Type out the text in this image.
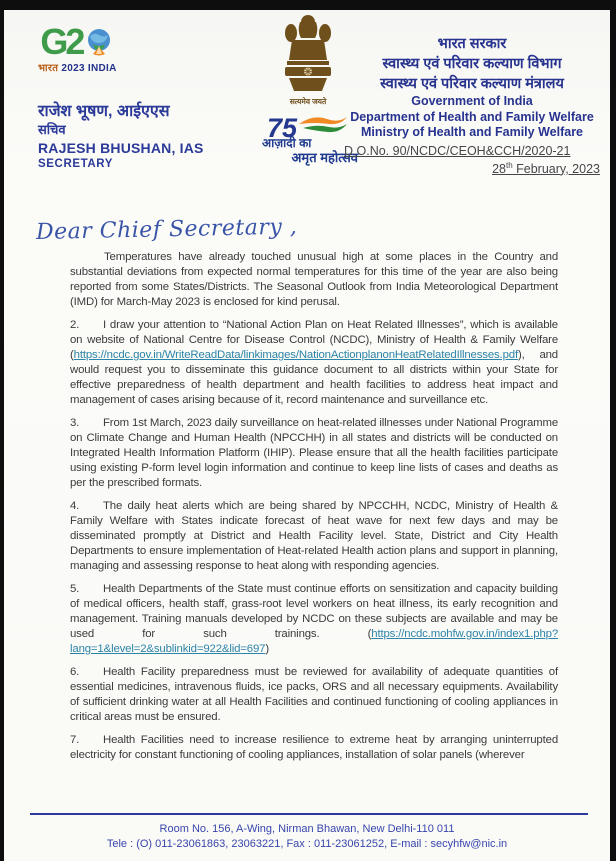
G2
भारत 2023 INDIA
राजेश भूषण, आईएएस
सचिव
RAJESH BHUSHAN, IAS
SECRETARY
सत्यमेव जयते
75
आज़ादी का
अमृत महोत्सव
भारत सरकार
स्वास्थ्य एवं परिवार कल्याण विभाग
स्वास्थ्य एवं परिवार कल्याण मंत्रालय
Government of India
Department of Health and Family Welfare
Ministry of Health and Family Welfare
D.O.No. 90/NCDC/CEOH&CCH/2020-21
28th February, 2023
Dear Chief Secretary ,

Temperatures have already touched unusual high at some places in the Country and substantial deviations from expected normal temperatures for this time of the year are also being reported from some States/Districts. The Seasonal Outlook from India Meteorological Department (IMD) for March-May 2023 is enclosed for kind perusal.

2. I draw your attention to “National Action Plan on Heat Related Illnesses”, which is available on website of National Centre for Disease Control (NCDC), Ministry of Health & Family Welfare (https://ncdc.gov.in/WriteReadData/linkimages/NationActionplanonHeatRelatedIllnesses.pdf), and would request you to disseminate this guidance document to all districts within your State for effective preparedness of health department and health facilities to address heat impact and management of cases arising because of it, record maintenance and surveillance etc.

3. From 1st March, 2023 daily surveillance on heat-related illnesses under National Programme on Climate Change and Human Health (NPCCHH) in all states and districts will be conducted on Integrated Health Information Platform (IHIP). Please ensure that all the health facilities participate using existing P-form level login information and continue to keep line lists of cases and deaths as per the prescribed formats.

4. The daily heat alerts which are being shared by NPCCHH, NCDC, Ministry of Health & Family Welfare with States indicate forecast of heat wave for next few days and may be disseminated promptly at District and Health Facility level. State, District and City Health Departments to ensure implementation of Heat-related Health action plans and support in planning, managing and assessing response to heat along with responding agencies.

5. Health Departments of the State must continue efforts on sensitization and capacity building of medical officers, health staff, grass-root level workers on heat illness, its early recognition and management. Training manuals developed by NCDC on these subjects are available and may be used for such trainings. (https://ncdc.mohfw.gov.in/index1.php?lang=1&level=2&sublinkid=922&lid=697)

6. Health Facility preparedness must be reviewed for availability of adequate quantities of essential medicines, intravenous fluids, ice packs, ORS and all necessary equipments. Availability of sufficient drinking water at all Health Facilities and continued functioning of cooling appliances in critical areas must be ensured.

7. Health Facilities need to increase resilience to extreme heat by arranging uninterrupted electricity for constant functioning of cooling appliances, installation of solar panels (wherever

Room No. 156, A-Wing, Nirman Bhawan, New Delhi-110 011
Tele : (O) 011-23061863, 23063221, Fax : 011-23061252, E-mail : secyhfw@nic.in
